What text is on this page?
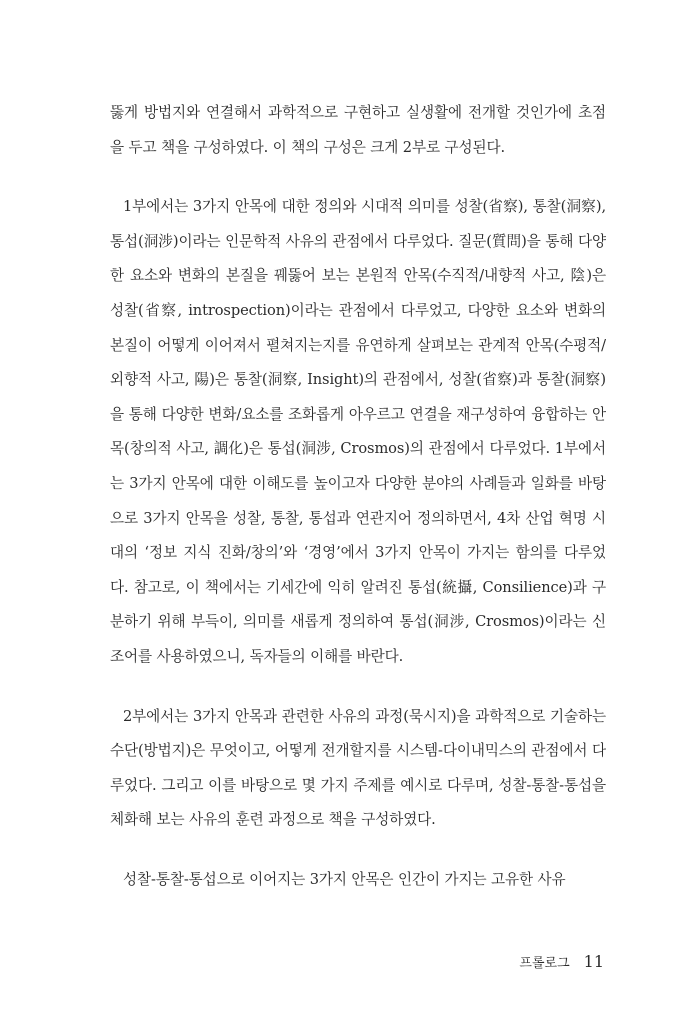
뚫게 방법지와 연결해서 과학적으로 구현하고 실생활에 전개할 것인가에 초점을 두고 책을 구성하였다. 이 책의 구성은 크게 2부로 구성된다.

1부에서는 3가지 안목에 대한 정의와 시대적 의미를 성찰(省察), 통찰(洞察), 통섭(洞涉)이라는 인문학적 사유의 관점에서 다루었다. 질문(質問)을 통해 다양한 요소와 변화의 본질을 꿰뚫어 보는 본원적 안목(수직적/내향적 사고, 陰)은 성찰(省察, introspection)이라는 관점에서 다루었고, 다양한 요소와 변화의 본질이 어떻게 이어져서 펼쳐지는지를 유연하게 살펴보는 관계적 안목(수평적/외향적 사고, 陽)은 통찰(洞察, Insight)의 관점에서, 성찰(省察)과 통찰(洞察)을 통해 다양한 변화/요소를 조화롭게 아우르고 연결을 재구성하여 융합하는 안목(창의적 사고, 調化)은 통섭(洞涉, Crosmos)의 관점에서 다루었다. 1부에서는 3가지 안목에 대한 이해도를 높이고자 다양한 분야의 사례들과 일화를 바탕으로 3가지 안목을 성찰, 통찰, 통섭과 연관지어 정의하면서, 4차 산업 혁명 시대의 ‘정보 지식 진화/창의’와 ‘경영’에서 3가지 안목이 가지는 함의를 다루었다. 참고로, 이 책에서는 기세간에 익히 알려진 통섭(統攝, Consilience)과 구분하기 위해 부득이, 의미를 새롭게 정의하여 통섭(洞涉, Crosmos)이라는 신조어를 사용하였으니, 독자들의 이해를 바란다.

2부에서는 3가지 안목과 관련한 사유의 과정(묵시지)을 과학적으로 기술하는 수단(방법지)은 무엇이고, 어떻게 전개할지를 시스템-다이내믹스의 관점에서 다루었다. 그리고 이를 바탕으로 몇 가지 주제를 예시로 다루며, 성찰-통찰-통섭을 체화해 보는 사유의 훈련 과정으로 책을 구성하였다.

성찰-통찰-통섭으로 이어지는 3가지 안목은 인간이 가지는 고유한 사유

프롤로그 11
